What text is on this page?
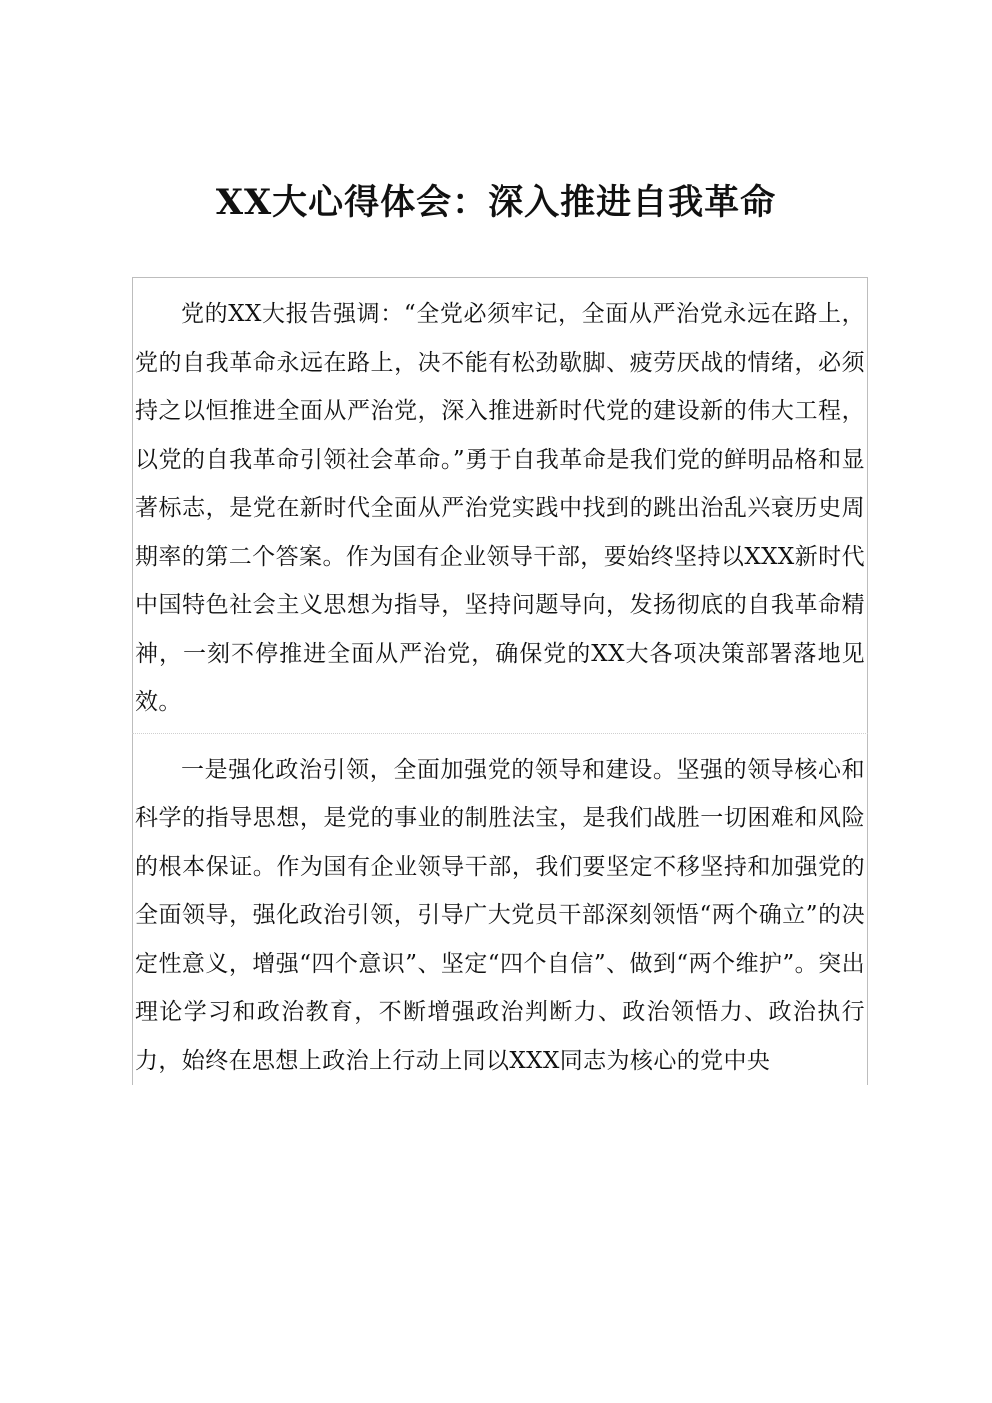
XX大心得体会：深入推进自我革命

党的XX大报告强调：“全党必须牢记，全面从严治党永远在路上，党的自我革命永远在路上，决不能有松劲歇脚、疲劳厌战的情绪，必须持之以恒推进全面从严治党，深入推进新时代党的建设新的伟大工程，以党的自我革命引领社会革命。”勇于自我革命是我们党的鲜明品格和显著标志，是党在新时代全面从严治党实践中找到的跳出治乱兴衰历史周期率的第二个答案。作为国有企业领导干部，要始终坚持以XXX新时代中国特色社会主义思想为指导，坚持问题导向，发扬彻底的自我革命精神，一刻不停推进全面从严治党，确保党的XX大各项决策部署落地见效。

一是强化政治引领，全面加强党的领导和建设。坚强的领导核心和科学的指导思想，是党的事业的制胜法宝，是我们战胜一切困难和风险的根本保证。作为国有企业领导干部，我们要坚定不移坚持和加强党的全面领导，强化政治引领，引导广大党员干部深刻领悟“两个确立”的决定性意义，增强“四个意识”、坚定“四个自信”、做到“两个维护”。突出理论学习和政治教育，不断增强政治判断力、政治领悟力、政治执行力，始终在思想上政治上行动上同以XXX同志为核心的党中央
